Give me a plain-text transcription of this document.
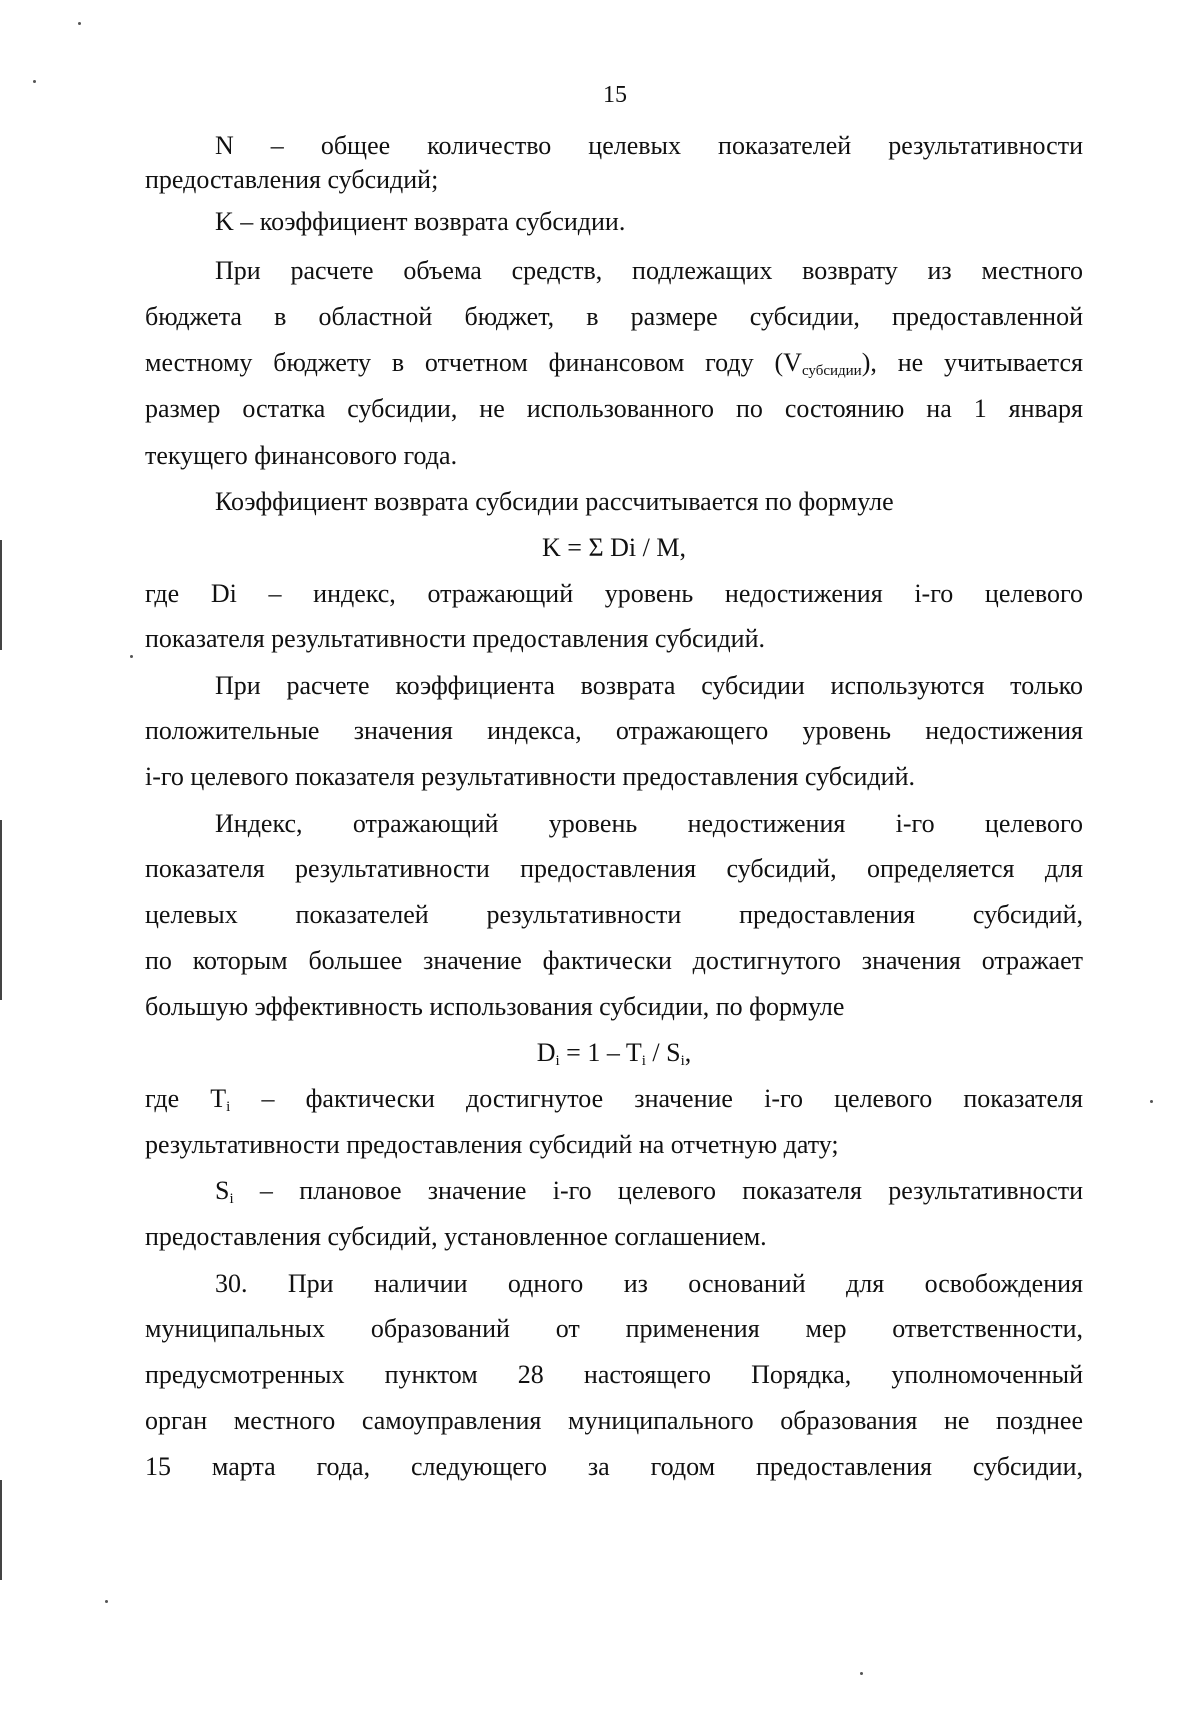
15
N – общее количество целевых показателей результативности
предоставления субсидий;
K – коэффициент возврата субсидии.
При расчете объема средств, подлежащих возврату из местного
бюджета в областной бюджет, в размере субсидии, предоставленной
местному бюджету в отчетном финансовом году $(V_{субсидии})$, не учитывается
размер остатка субсидии, не использованного по состоянию на 1 января
текущего финансового года.
Коэффициент возврата субсидии рассчитывается по формуле
K = Σ Di / M,
где Di – индекс, отражающий уровень недостижения i-го целевого
показателя результативности предоставления субсидий.
При расчете коэффициента возврата субсидии используются только
положительные значения индекса, отражающего уровень недостижения
i-го целевого показателя результативности предоставления субсидий.
Индекс, отражающий уровень недостижения i-го целевого
показателя результативности предоставления субсидий, определяется для
целевых показателей результативности предоставления субсидий,
по которым большее значение фактически достигнутого значения отражает
большую эффективность использования субсидии, по формуле
$D_i = 1 - T_i / S_i$,
где $T_i$ – фактически достигнутое значение i-го целевого показателя
результативности предоставления субсидий на отчетную дату;
$S_i$ – плановое значение i-го целевого показателя результативности
предоставления субсидий, установленное соглашением.
30. При наличии одного из оснований для освобождения
муниципальных образований от применения мер ответственности,
предусмотренных пунктом 28 настоящего Порядка, уполномоченный
орган местного самоуправления муниципального образования не позднее
15 марта года, следующего за годом предоставления субсидии,
